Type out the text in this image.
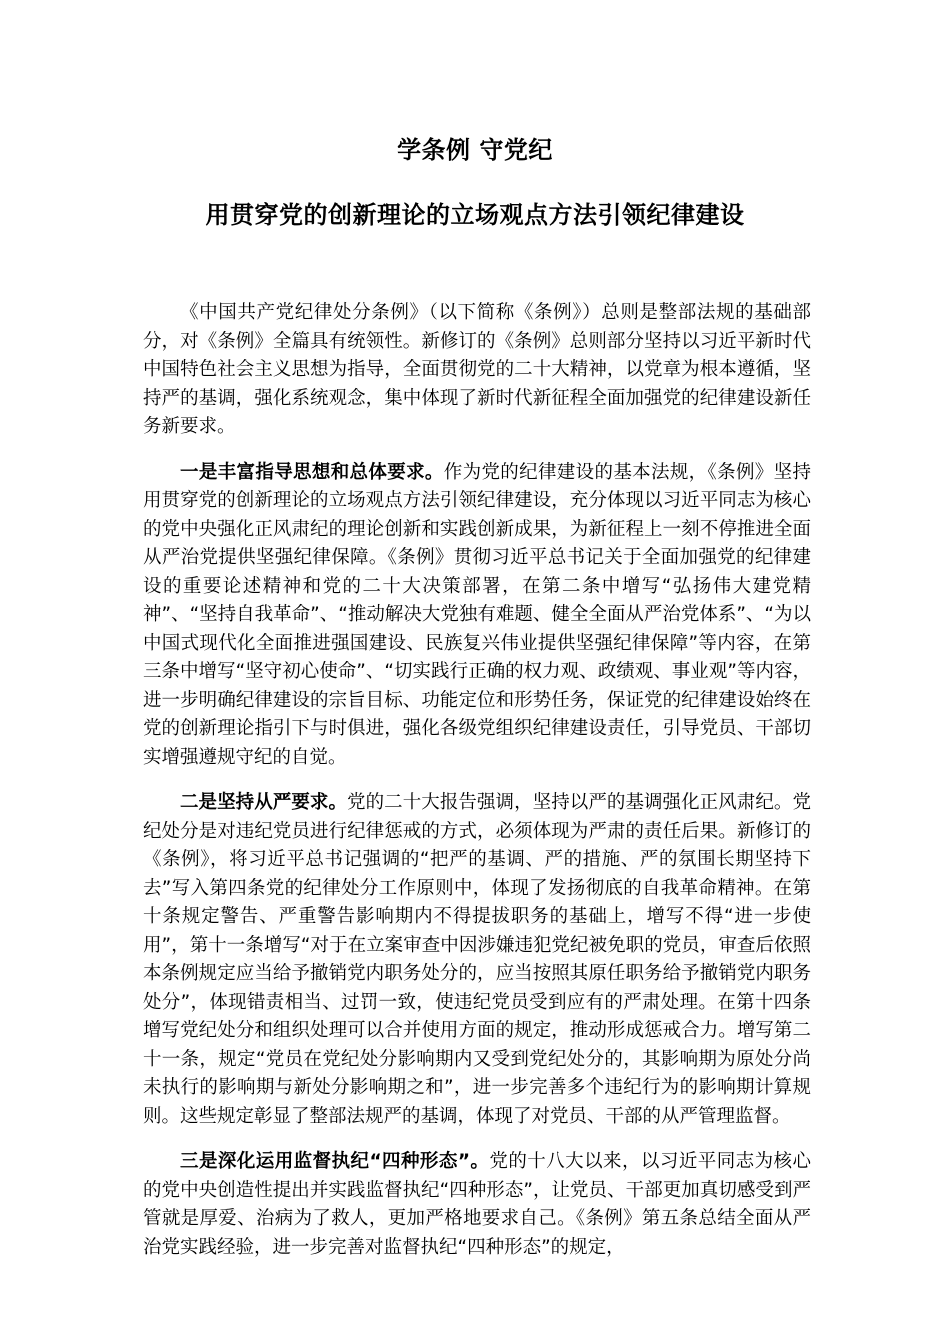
学条例 守党纪
用贯穿党的创新理论的立场观点方法引领纪律建设

《中国共产党纪律处分条例》（以下简称《条例》）总则是整部法规的基础部分，对《条例》全篇具有统领性。新修订的《条例》总则部分坚持以习近平新时代中国特色社会主义思想为指导，全面贯彻党的二十大精神，以党章为根本遵循，坚持严的基调，强化系统观念，集中体现了新时代新征程全面加强党的纪律建设新任务新要求。

一是丰富指导思想和总体要求。作为党的纪律建设的基本法规，《条例》坚持用贯穿党的创新理论的立场观点方法引领纪律建设，充分体现以习近平同志为核心的党中央强化正风肃纪的理论创新和实践创新成果，为新征程上一刻不停推进全面从严治党提供坚强纪律保障。《条例》贯彻习近平总书记关于全面加强党的纪律建设的重要论述精神和党的二十大决策部署，在第二条中增写“弘扬伟大建党精神”、“坚持自我革命”、“推动解决大党独有难题、健全全面从严治党体系”、“为以中国式现代化全面推进强国建设、民族复兴伟业提供坚强纪律保障”等内容，在第三条中增写“坚守初心使命”、“切实践行正确的权力观、政绩观、事业观”等内容，进一步明确纪律建设的宗旨目标、功能定位和形势任务，保证党的纪律建设始终在党的创新理论指引下与时俱进，强化各级党组织纪律建设责任，引导党员、干部切实增强遵规守纪的自觉。

二是坚持从严要求。党的二十大报告强调，坚持以严的基调强化正风肃纪。党纪处分是对违纪党员进行纪律惩戒的方式，必须体现为严肃的责任后果。新修订的《条例》，将习近平总书记强调的“把严的基调、严的措施、严的氛围长期坚持下去”写入第四条党的纪律处分工作原则中，体现了发扬彻底的自我革命精神。在第十条规定警告、严重警告影响期内不得提拔职务的基础上，增写不得“进一步使用”，第十一条增写“对于在立案审查中因涉嫌违犯党纪被免职的党员，审查后依照本条例规定应当给予撤销党内职务处分的，应当按照其原任职务给予撤销党内职务处分”，体现错责相当、过罚一致，使违纪党员受到应有的严肃处理。在第十四条增写党纪处分和组织处理可以合并使用方面的规定，推动形成惩戒合力。增写第二十一条，规定“党员在党纪处分影响期内又受到党纪处分的，其影响期为原处分尚未执行的影响期与新处分影响期之和”，进一步完善多个违纪行为的影响期计算规则。这些规定彰显了整部法规严的基调，体现了对党员、干部的从严管理监督。

三是深化运用监督执纪“四种形态”。党的十八大以来，以习近平同志为核心的党中央创造性提出并实践监督执纪“四种形态”，让党员、干部更加真切感受到严管就是厚爱、治病为了救人，更加严格地要求自己。《条例》第五条总结全面从严治党实践经验，进一步完善对监督执纪“四种形态”的规定，
